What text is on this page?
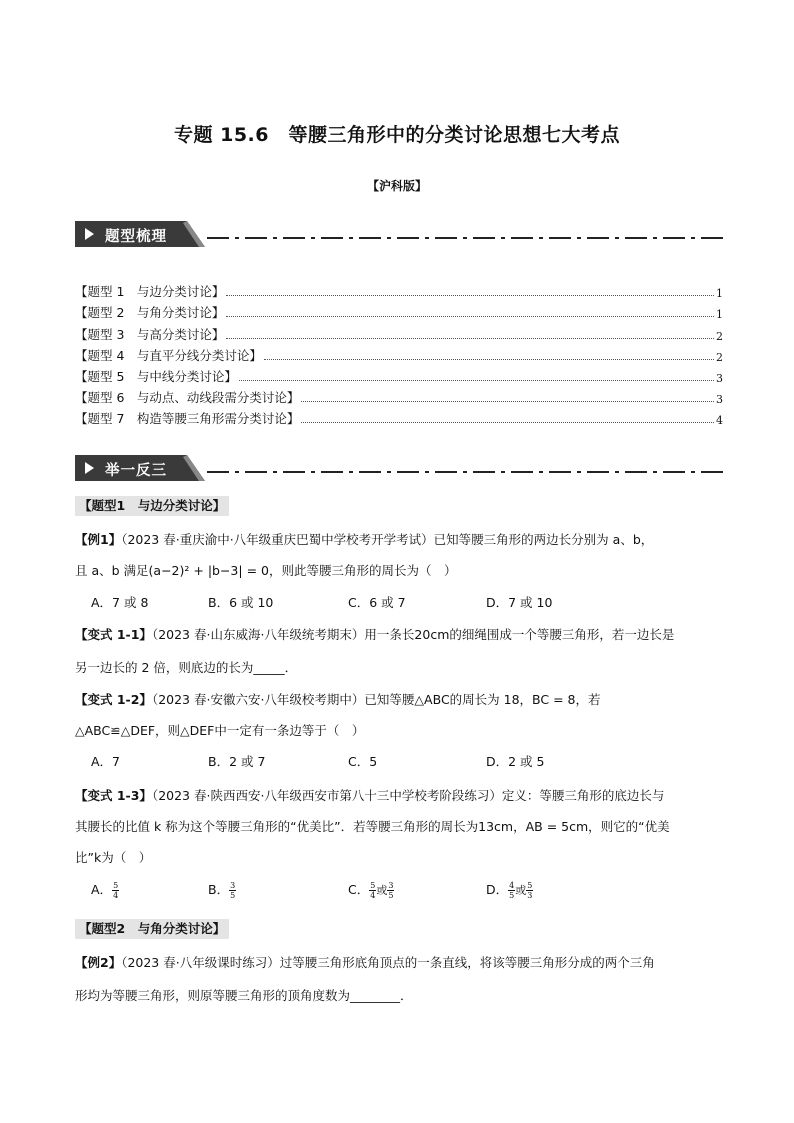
专题 15.6　等腰三角形中的分类讨论思想七大考点
【沪科版】
题型梳理
【题型 1　与边分类讨论】	1
【题型 2　与角分类讨论】	1
【题型 3　与高分类讨论】	2
【题型 4　与直平分线分类讨论】	2
【题型 5　与中线分类讨论】	3
【题型 6　与动点、动线段需分类讨论】	3
【题型 7　构造等腰三角形需分类讨论】	4
举一反三
【题型1　与边分类讨论】
【例1】（2023 春·重庆渝中·八年级重庆巴蜀中学校考开学考试）已知等腰三角形的两边长分别为 a、b，
且 a、b 满足(a−2)² + |b−3| = 0，则此等腰三角形的周长为（　）
A．7 或 8	B．6 或 10	C．6 或 7	D．7 或 10
【变式 1-1】（2023 春·山东威海·八年级统考期末）用一条长20cm的细绳围成一个等腰三角形，若一边长是
另一边长的 2 倍，则底边的长为_____．
【变式 1-2】（2023 春·安徽六安·八年级校考期中）已知等腰△ABC的周长为 18，BC = 8，若
△ABC≌△DEF，则△DEF中一定有一条边等于（　）
A．7	B．2 或 7	C．5	D．2 或 5
【变式 1-3】（2023 春·陕西西安·八年级西安市第八十三中学校考阶段练习）定义：等腰三角形的底边长与
其腰长的比值 k 称为这个等腰三角形的“优美比”．若等腰三角形的周长为13cm，AB = 5cm，则它的“优美
比”k为（　）
A． $\frac{5}{4}$	B． $\frac{3}{5}$	C． $\frac{5}{4}$ 或 $\frac{3}{5}$	D． $\frac{4}{5}$ 或 $\frac{5}{3}$
【题型2　与角分类讨论】
【例2】（2023 春·八年级课时练习）过等腰三角形底角顶点的一条直线，将该等腰三角形分成的两个三角
形均为等腰三角形，则原等腰三角形的顶角度数为________．
